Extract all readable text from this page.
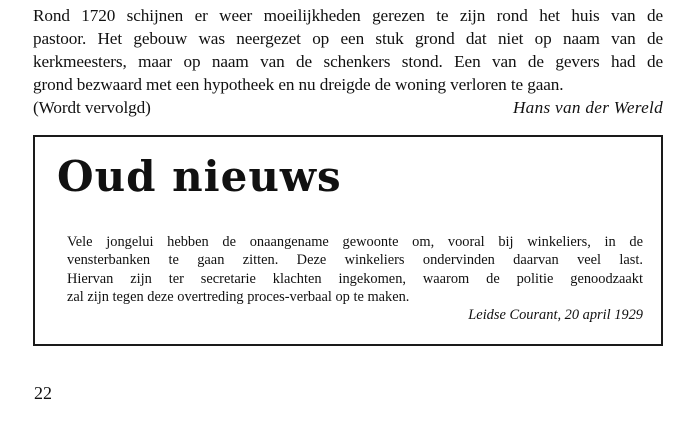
Rond 1720 schijnen er weer moeilijkheden gerezen te zijn rond het huis van de

pastoor. Het gebouw was neergezet op een stuk grond dat niet op naam van de

kerkmeesters, maar op naam van de schenkers stond. Een van de gevers had de

grond bezwaard met een hypotheek en nu dreigde de woning verloren te gaan.

(Wordt vervolgd)	Hans van der Wereld
Oud nieuws

Vele jongelui hebben de onaangename gewoonte om, vooral bij winkeliers, in de

vensterbanken te gaan zitten. Deze winkeliers ondervinden daarvan veel last.

Hiervan zijn ter secretarie klachten ingekomen, waarom de politie genoodzaakt

zal zijn tegen deze overtreding proces-verbaal op te maken.

Leidse Courant, 20 april 1929
22
